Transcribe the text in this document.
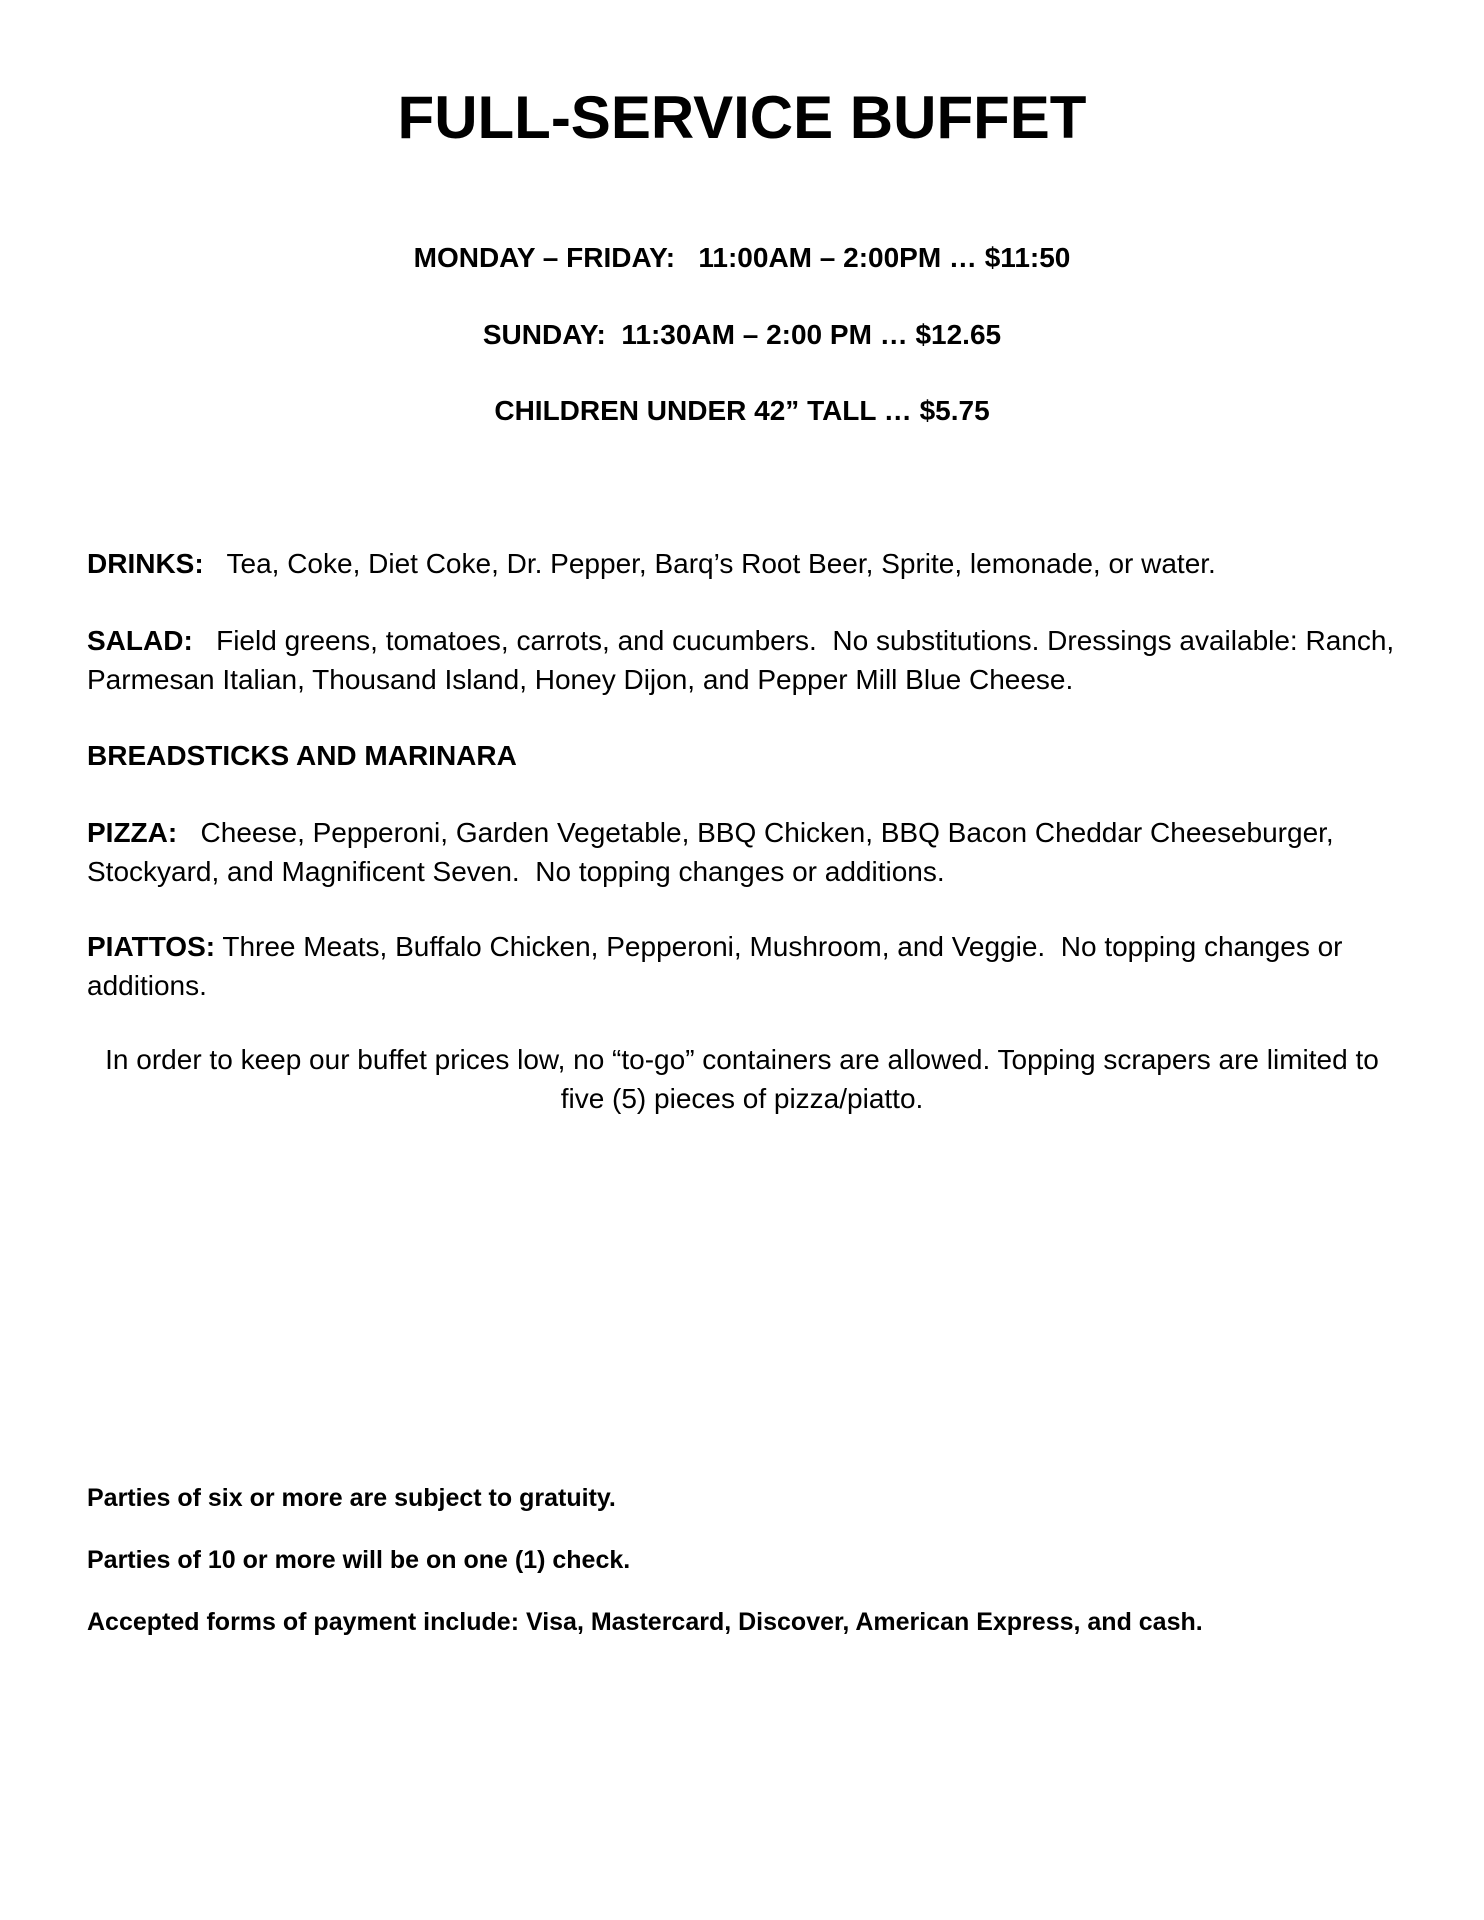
FULL-SERVICE BUFFET

MONDAY – FRIDAY:   11:00AM – 2:00PM … $11:50

SUNDAY:  11:30AM – 2:00 PM … $12.65

CHILDREN UNDER 42” TALL … $5.75

DRINKS:   Tea, Coke, Diet Coke, Dr. Pepper, Barq’s Root Beer, Sprite, lemonade, or water.

SALAD:   Field greens, tomatoes, carrots, and cucumbers.  No substitutions. Dressings available: Ranch, Parmesan Italian, Thousand Island, Honey Dijon, and Pepper Mill Blue Cheese.

BREADSTICKS AND MARINARA

PIZZA:   Cheese, Pepperoni, Garden Vegetable, BBQ Chicken, BBQ Bacon Cheddar Cheeseburger, Stockyard, and Magnificent Seven.  No topping changes or additions.

PIATTOS: Three Meats, Buffalo Chicken, Pepperoni, Mushroom, and Veggie.  No topping changes or additions.

In order to keep our buffet prices low, no “to-go” containers are allowed. Topping scrapers are limited to five (5) pieces of pizza/piatto.

Parties of six or more are subject to gratuity.

Parties of 10 or more will be on one (1) check.

Accepted forms of payment include: Visa, Mastercard, Discover, American Express, and cash.
